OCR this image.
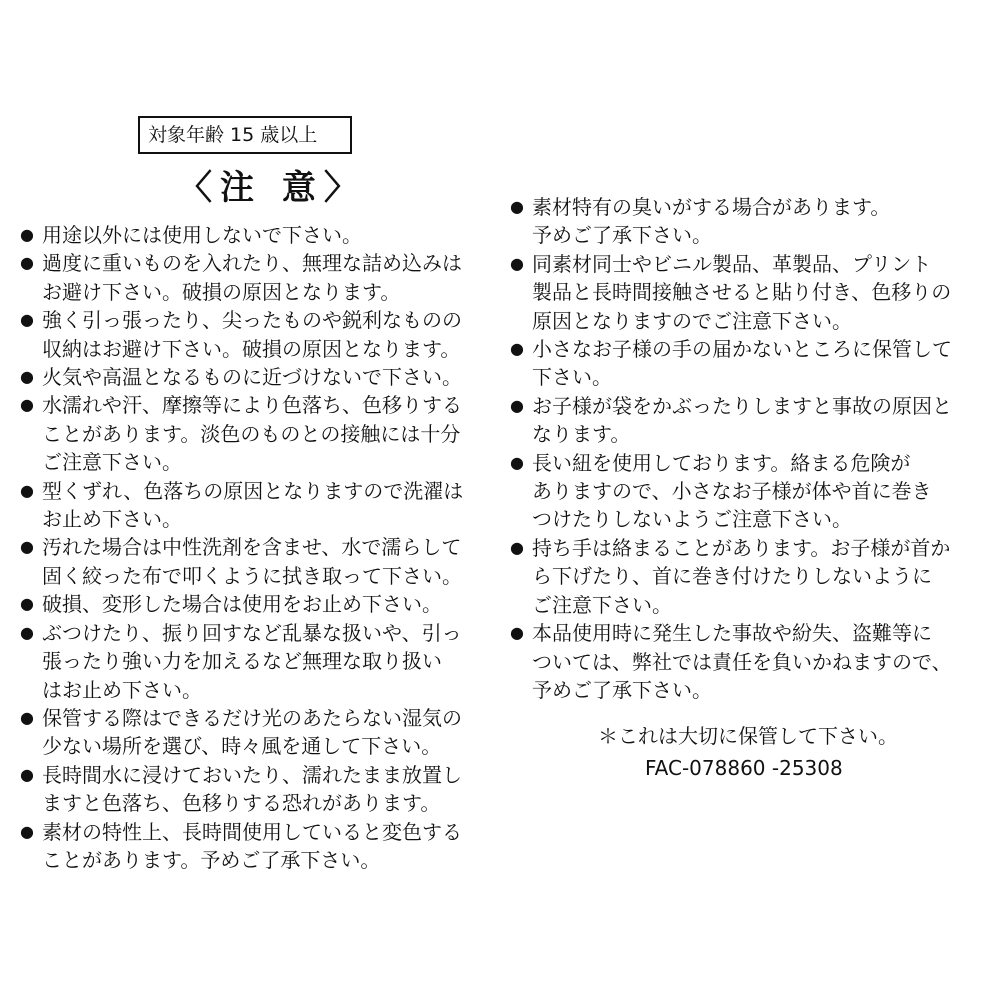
対象年齢 15 歳以上
〈注 意〉
● 用途以外には使用しないで下さい。
● 過度に重いものを入れたり、無理な詰め込みは
お避け下さい。破損の原因となります。
● 強く引っ張ったり、尖ったものや鋭利なものの
収納はお避け下さい。破損の原因となります。
● 火気や高温となるものに近づけないで下さい。
● 水濡れや汗、摩擦等により色落ち、色移りする
ことがあります。淡色のものとの接触には十分
ご注意下さい。
● 型くずれ、色落ちの原因となりますので洗濯は
お止め下さい。
● 汚れた場合は中性洗剤を含ませ、水で濡らして
固く絞った布で叩くように拭き取って下さい。
● 破損、変形した場合は使用をお止め下さい。
● ぶつけたり、振り回すなど乱暴な扱いや、引っ
張ったり強い力を加えるなど無理な取り扱い
はお止め下さい。
● 保管する際はできるだけ光のあたらない湿気の
少ない場所を選び、時々風を通して下さい。
● 長時間水に浸けておいたり、濡れたまま放置し
ますと色落ち、色移りする恐れがあります。
● 素材の特性上、長時間使用していると変色する
ことがあります。予めご了承下さい。
● 素材特有の臭いがする場合があります。
予めご了承下さい。
● 同素材同士やビニル製品、革製品、プリント
製品と長時間接触させると貼り付き、色移りの
原因となりますのでご注意下さい。
● 小さなお子様の手の届かないところに保管して
下さい。
● お子様が袋をかぶったりしますと事故の原因と
なります。
● 長い紐を使用しております。絡まる危険が
ありますので、小さなお子様が体や首に巻き
つけたりしないようご注意下さい。
● 持ち手は絡まることがあります。お子様が首か
ら下げたり、首に巻き付けたりしないように
ご注意下さい。
● 本品使用時に発生した事故や紛失、盗難等に
ついては、弊社では責任を負いかねますので、
予めご了承下さい。
＊これは大切に保管して下さい。
FAC-078860 -25308
